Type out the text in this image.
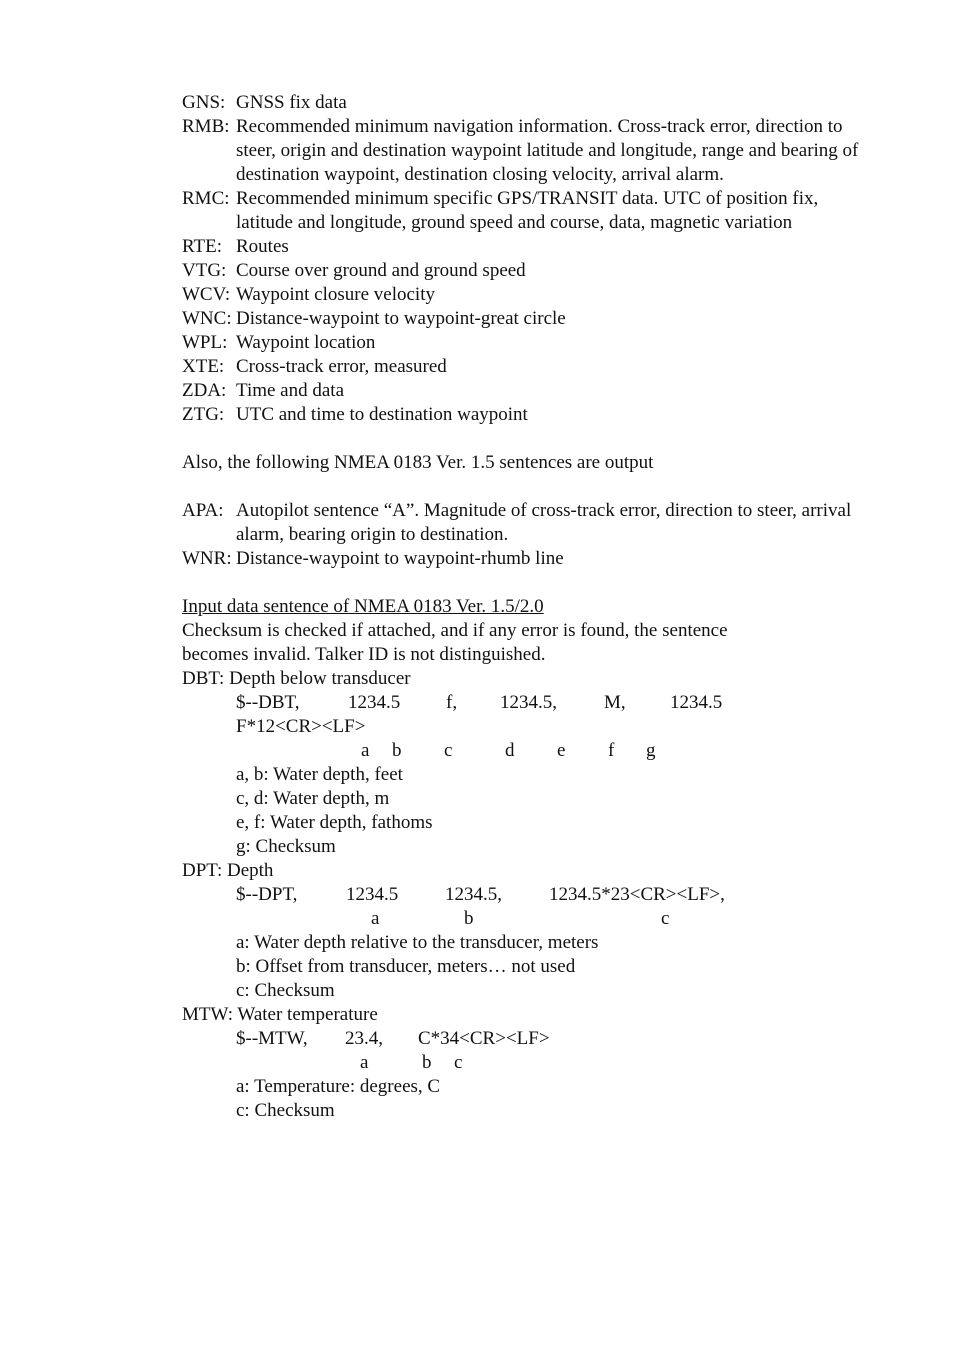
GNS: GNSS fix data
RMB: Recommended minimum navigation information. Cross-track error, direction to steer, origin and destination waypoint latitude and longitude, range and bearing of destination waypoint, destination closing velocity, arrival alarm.
RMC: Recommended minimum specific GPS/TRANSIT data. UTC of position fix, latitude and longitude, ground speed and course, data, magnetic variation
RTE: Routes
VTG: Course over ground and ground speed
WCV: Waypoint closure velocity
WNC: Distance-waypoint to waypoint-great circle
WPL: Waypoint location
XTE: Cross-track error, measured
ZDA: Time and data
ZTG: UTC and time to destination waypoint
Also, the following NMEA 0183 Ver. 1.5 sentences are output
APA: Autopilot sentence “A”. Magnitude of cross-track error, direction to steer, arrival alarm, bearing origin to destination.
WNR: Distance-waypoint to waypoint-rhumb line
Input data sentence of NMEA 0183 Ver. 1.5/2.0
Checksum is checked if attached, and if any error is found, the sentence
becomes invalid. Talker ID is not distinguished.
DBT: Depth below transducer
$--DBT,	1234.5 f, 1234.5, M, 1234.5
F*12<CR><LF>
a b c	d e f g
a, b: Water depth, feet
c, d: Water depth, m
e, f: Water depth, fathoms
g: Checksum
DPT: Depth
$--DPT,	1234.5 1234.5, 1234.5*23<CR><LF>,
a	b	c
a: Water depth relative to the transducer, meters
b: Offset from transducer, meters… not used
c: Checksum
MTW: Water temperature
$--MTW, 23.4, C*34<CR><LF>
a	b c
a: Temperature: degrees, C
c: Checksum
